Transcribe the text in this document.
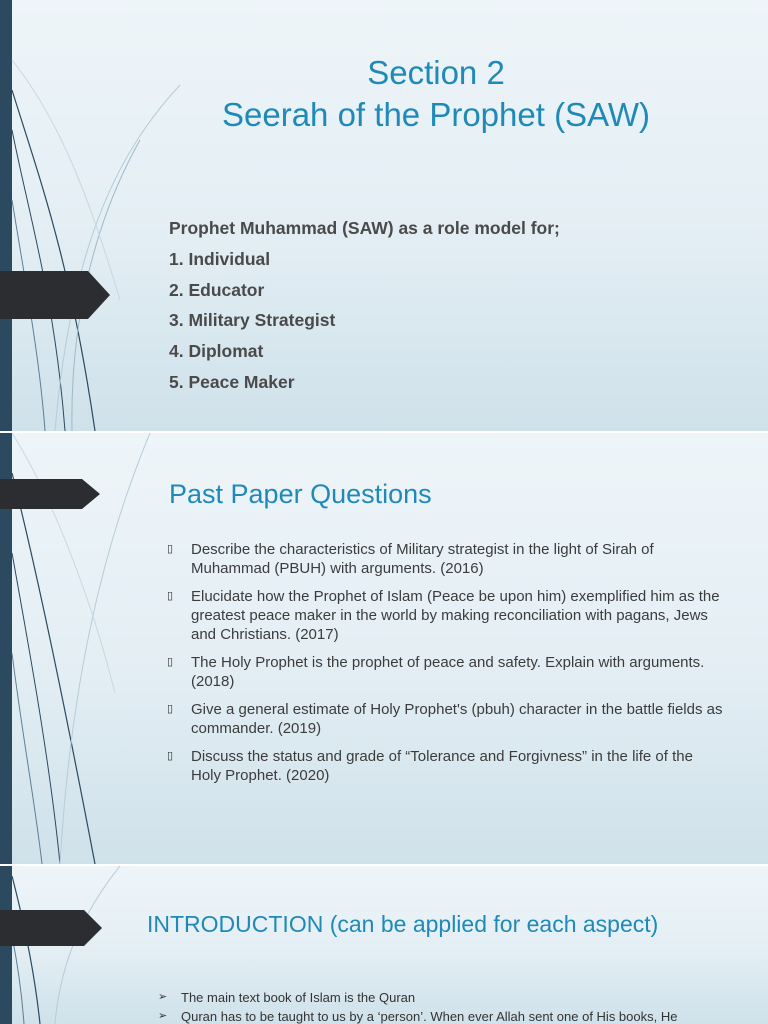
Section 2
Seerah of the Prophet (SAW)
Prophet Muhammad (SAW) as a role model for;
1. Individual
2. Educator
3. Military Strategist
4. Diplomat
5. Peace Maker
Past Paper Questions
▯	Describe the characteristics of Military strategist in the light of Sirah of Muhammad (PBUH) with arguments. (2016)
▯	Elucidate how the Prophet of Islam (Peace be upon him) exemplified him as the greatest peace maker in the world by making reconciliation with pagans, Jews and Christians. (2017)
▯	The Holy Prophet is the prophet of peace and safety. Explain with arguments. (2018)
▯	Give a general estimate of Holy Prophet's (pbuh) character in the battle fields as commander. (2019)
▯	Discuss the status and grade of “Tolerance and Forgivness” in the life of the Holy Prophet. (2020)
INTRODUCTION (can be applied for each aspect)
➢	The main text book of Islam is the Quran
➢	Quran has to be taught to us by a ‘person’. When ever Allah sent one of His books, He
